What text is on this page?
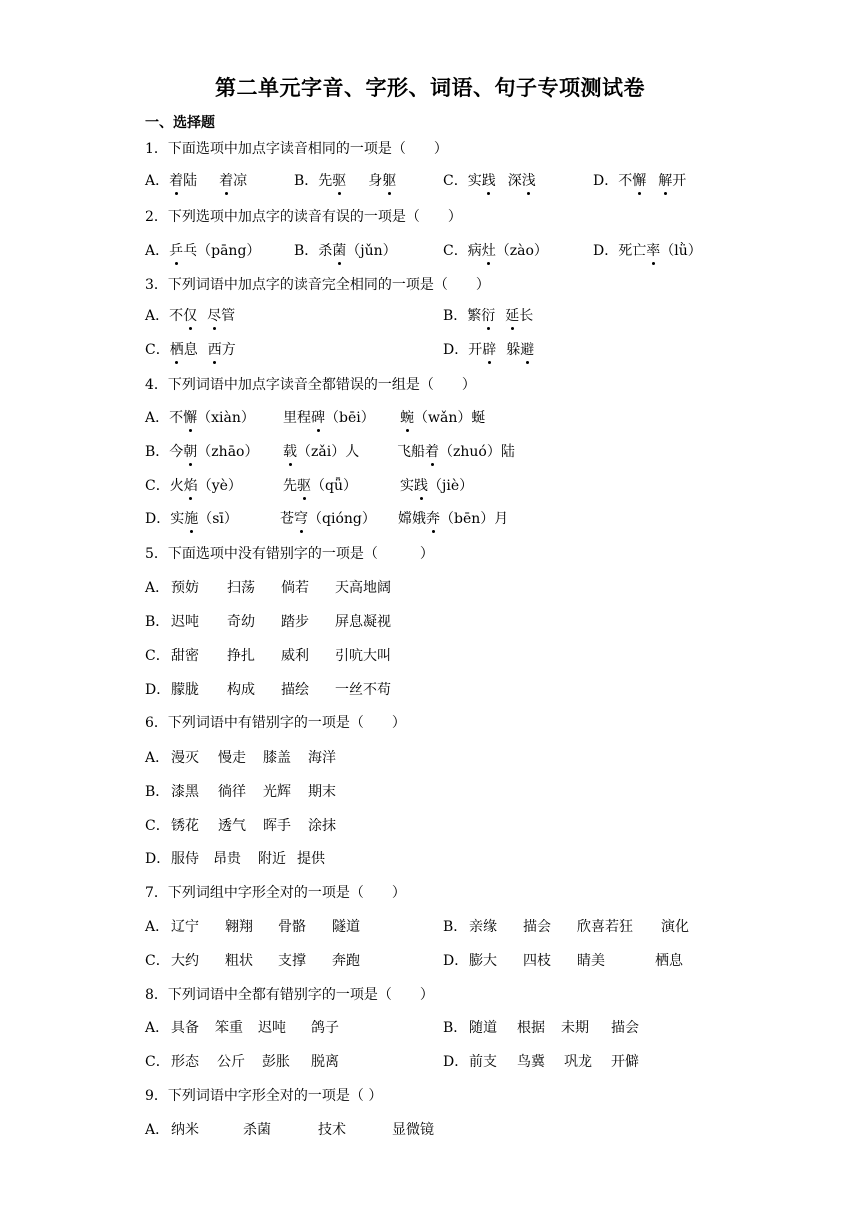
第二单元字音、字形、词语、句子专项测试卷
一、选择题
1．下面选项中加点字读音相同的一项是（　　）
A．着陆 着凉	B．先驱 身躯	C．实践 深浅	D．不懈 解开
2．下列选项中加点字的读音有误的一项是（　　）
A．乒乓（pāng） B．杀菌（jǔn）	C．病灶（zào）	D．死亡率（lǜ）
3．下列词语中加点字的读音完全相同的一项是（　　）
A．不仅 尽管	B．繁衍 延长
C．栖息 西方	D．开辟 躲避
4．下列词语中加点字读音全都错误的一组是（　　）
A．不懈（xiàn） 里程碑（bēi） 蜿（wǎn）蜒
B．今朝（zhāo） 载（zǎi）人	飞船着（zhuó）陆
C．火焰（yè）	先驱（qǖ）	实践（jiè）
D．实施（sī）	苍穹（qióng） 嫦娥奔（bēn）月
5．下面选项中没有错别字的一项是（　　　）
A． 预妨 扫荡 倘若 天高地阔
B． 迟吨 奇幼 踏步 屏息凝视
C． 甜密 挣扎 威利 引吭大叫
D． 朦胧 构成 描绘 一丝不苟
6．下列词语中有错别字的一项是（　　）
A． 漫灭 慢走 膝盖 海洋
B． 漆黑 徜徉 光辉 期末
C． 锈花 透气 晖手 涂抹
D． 服侍 昂贵 附近 提供
7．下列词组中字形全对的一项是（　　）
A． 辽宁 翱翔 骨骼 隧道	B． 亲缘 描会 欣喜若狂 演化
C． 大约 粗状 支撑 奔跑	D． 膨大 四枝 睛美	栖息
8．下列词语中全都有错别字的一项是（　　）
A． 具备 笨重 迟吨 鸽子	B． 随道 根据 未期 描会
C． 形态 公斤 彭胀 脱离	D． 前支 鸟冀 巩龙 开僻
9．下列词语中字形全对的一项是（ ）
A． 纳米	杀菌	技术	显微镜
